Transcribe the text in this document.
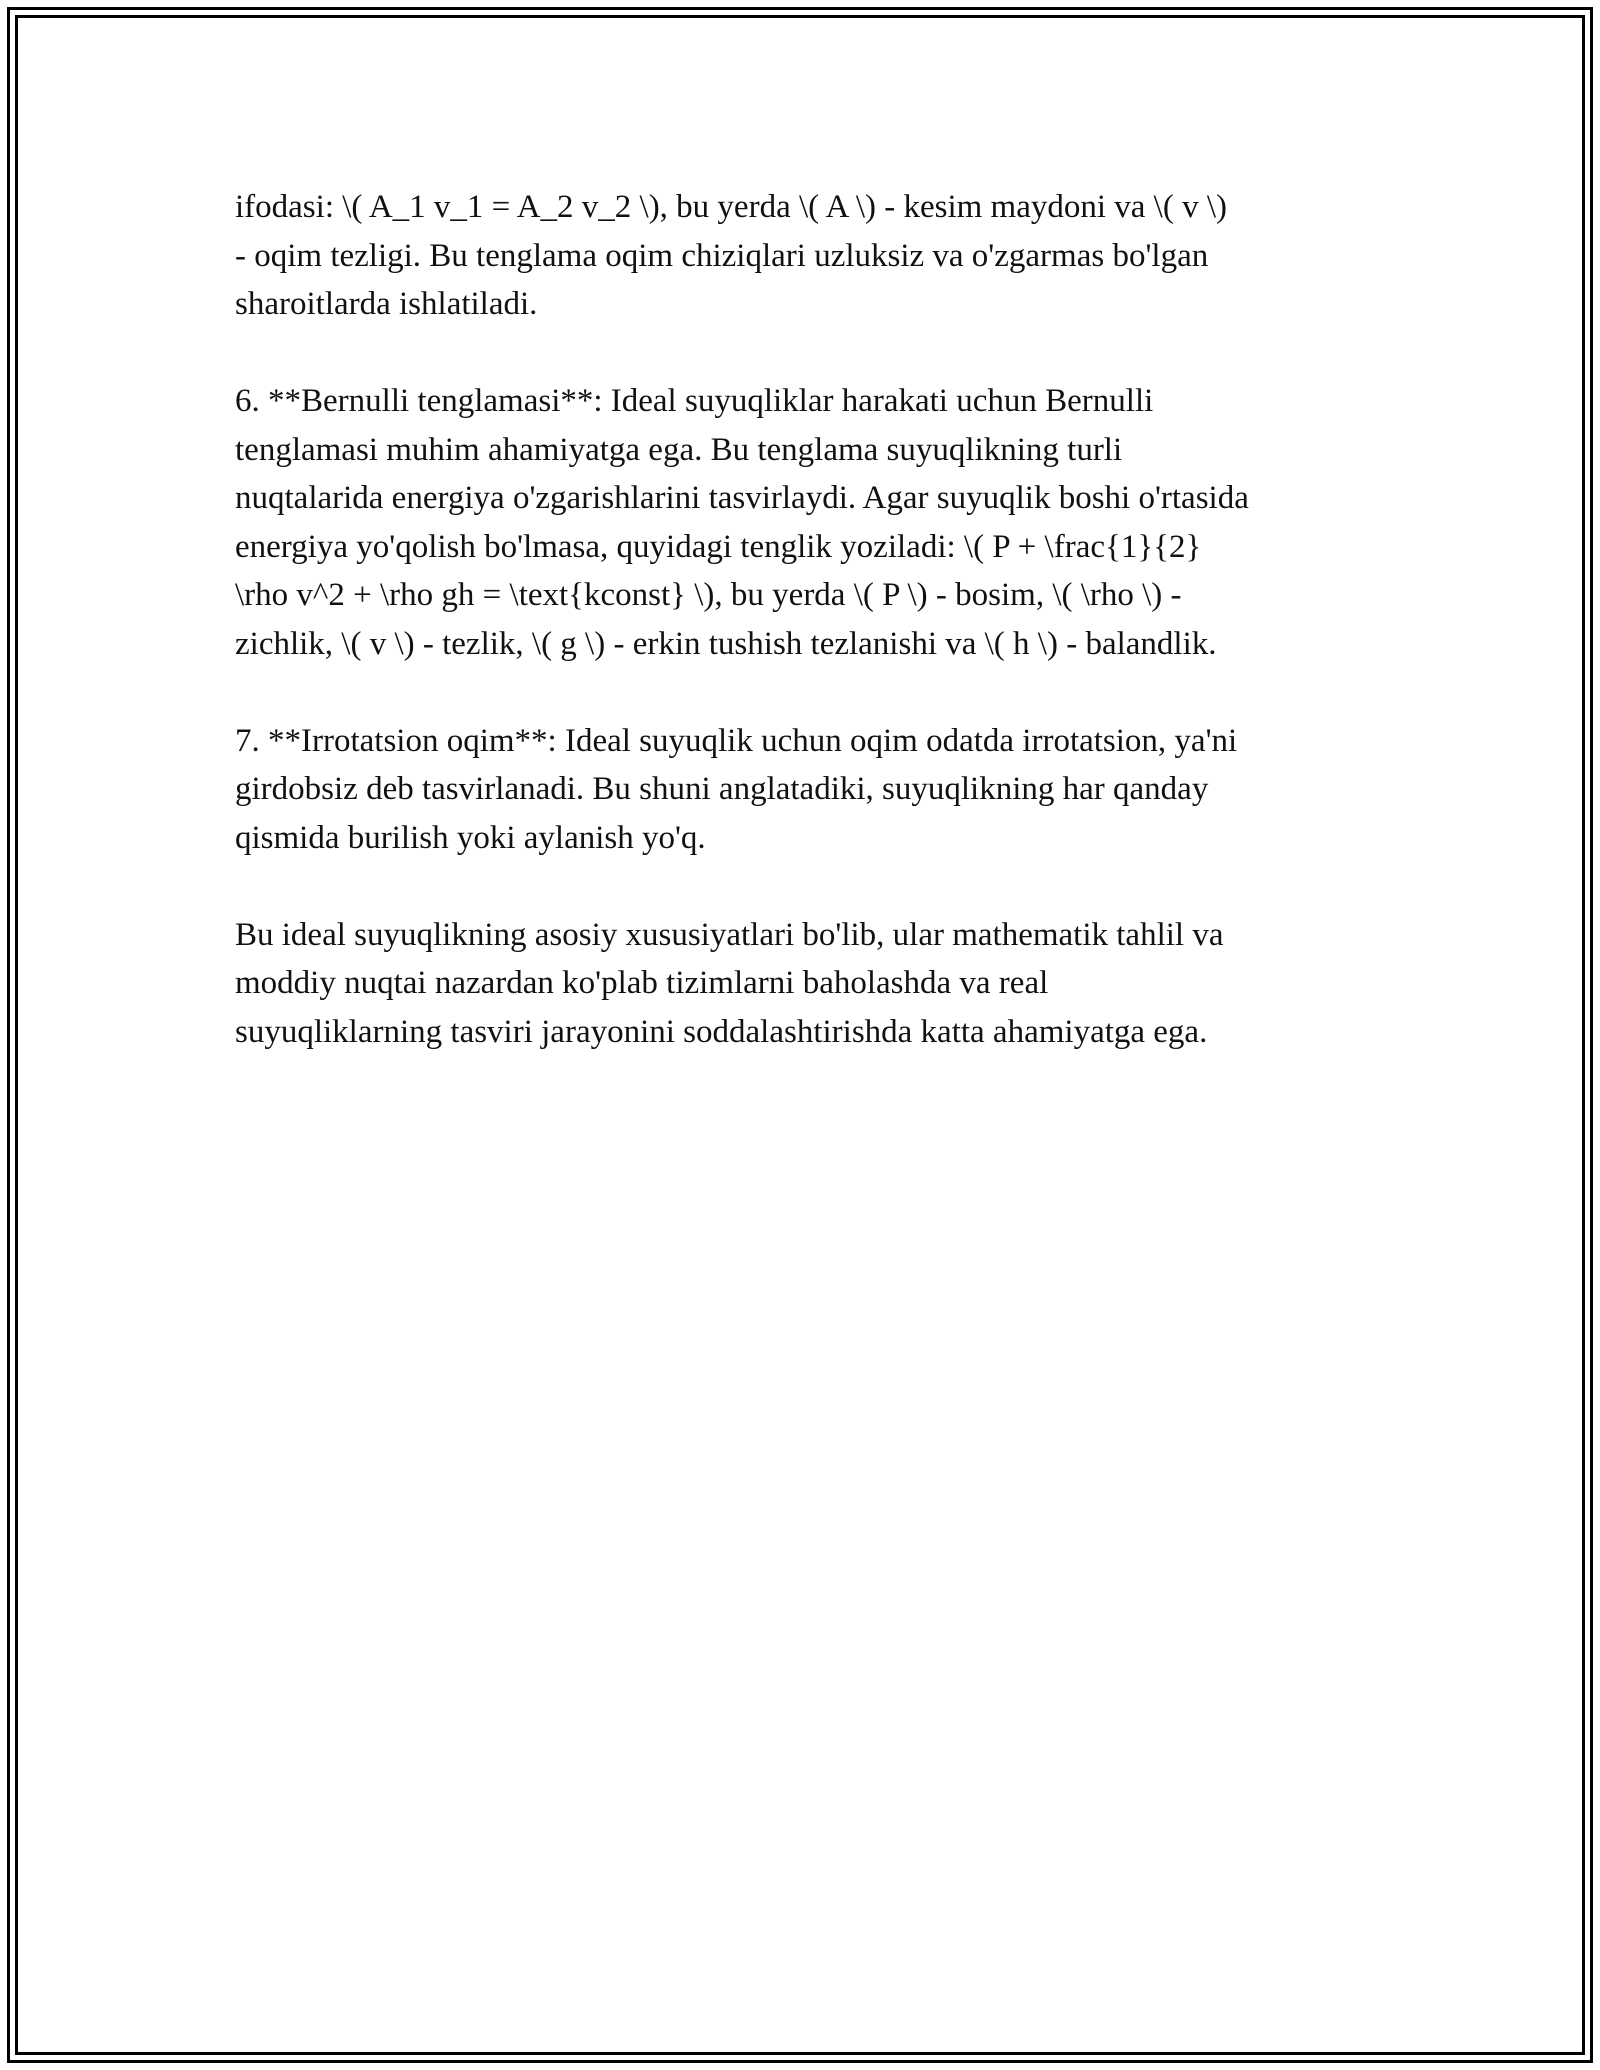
ifodasi: \( A_1 v_1 = A_2 v_2 \), bu yerda \( A \) - kesim maydoni va \( v \)
- oqim tezligi. Bu tenglama oqim chiziqlari uzluksiz va o'zgarmas bo'lgan
sharoitlarda ishlatiladi.

6. **Bernulli tenglamasi**: Ideal suyuqliklar harakati uchun Bernulli
tenglamasi muhim ahamiyatga ega. Bu tenglama suyuqlikning turli
nuqtalarida energiya o'zgarishlarini tasvirlaydi. Agar suyuqlik boshi o'rtasida
energiya yo'qolish bo'lmasa, quyidagi tenglik yoziladi: \( P + \frac{1}{2}
\rho v^2 + \rho gh = \text{kconst} \), bu yerda \( P \) - bosim, \( \rho \) -
zichlik, \( v \) - tezlik, \( g \) - erkin tushish tezlanishi va \( h \) - balandlik.

7. **Irrotatsion oqim**: Ideal suyuqlik uchun oqim odatda irrotatsion, ya'ni
girdobsiz deb tasvirlanadi. Bu shuni anglatadiki, suyuqlikning har qanday
qismida burilish yoki aylanish yo'q.

Bu ideal suyuqlikning asosiy xususiyatlari bo'lib, ular mathematik tahlil va
moddiy nuqtai nazardan ko'plab tizimlarni baholashda va real
suyuqliklarning tasviri jarayonini soddalashtirishda katta ahamiyatga ega.
